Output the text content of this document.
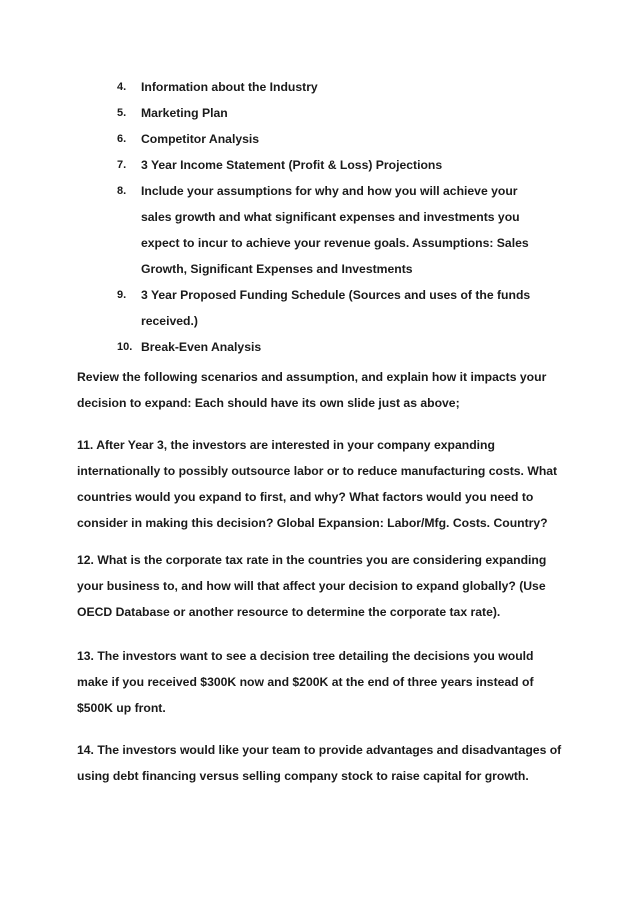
4. Information about the Industry
5. Marketing Plan
6. Competitor Analysis
7. 3 Year Income Statement (Profit & Loss) Projections
8. Include your assumptions for why and how you will achieve your sales growth and what significant expenses and investments you expect to incur to achieve your revenue goals. Assumptions: Sales Growth, Significant Expenses and Investments
9. 3 Year Proposed Funding Schedule (Sources and uses of the funds received.)
10. Break-Even Analysis

Review the following scenarios and assumption, and explain how it impacts your decision to expand: Each should have its own slide just as above;

11. After Year 3, the investors are interested in your company expanding internationally to possibly outsource labor or to reduce manufacturing costs. What countries would you expand to first, and why? What factors would you need to consider in making this decision? Global Expansion: Labor/Mfg. Costs. Country?

12. What is the corporate tax rate in the countries you are considering expanding your business to, and how will that affect your decision to expand globally? (Use OECD Database or another resource to determine the corporate tax rate).

13. The investors want to see a decision tree detailing the decisions you would make if you received $300K now and $200K at the end of three years instead of $500K up front.

14. The investors would like your team to provide advantages and disadvantages of using debt financing versus selling company stock to raise capital for growth.
